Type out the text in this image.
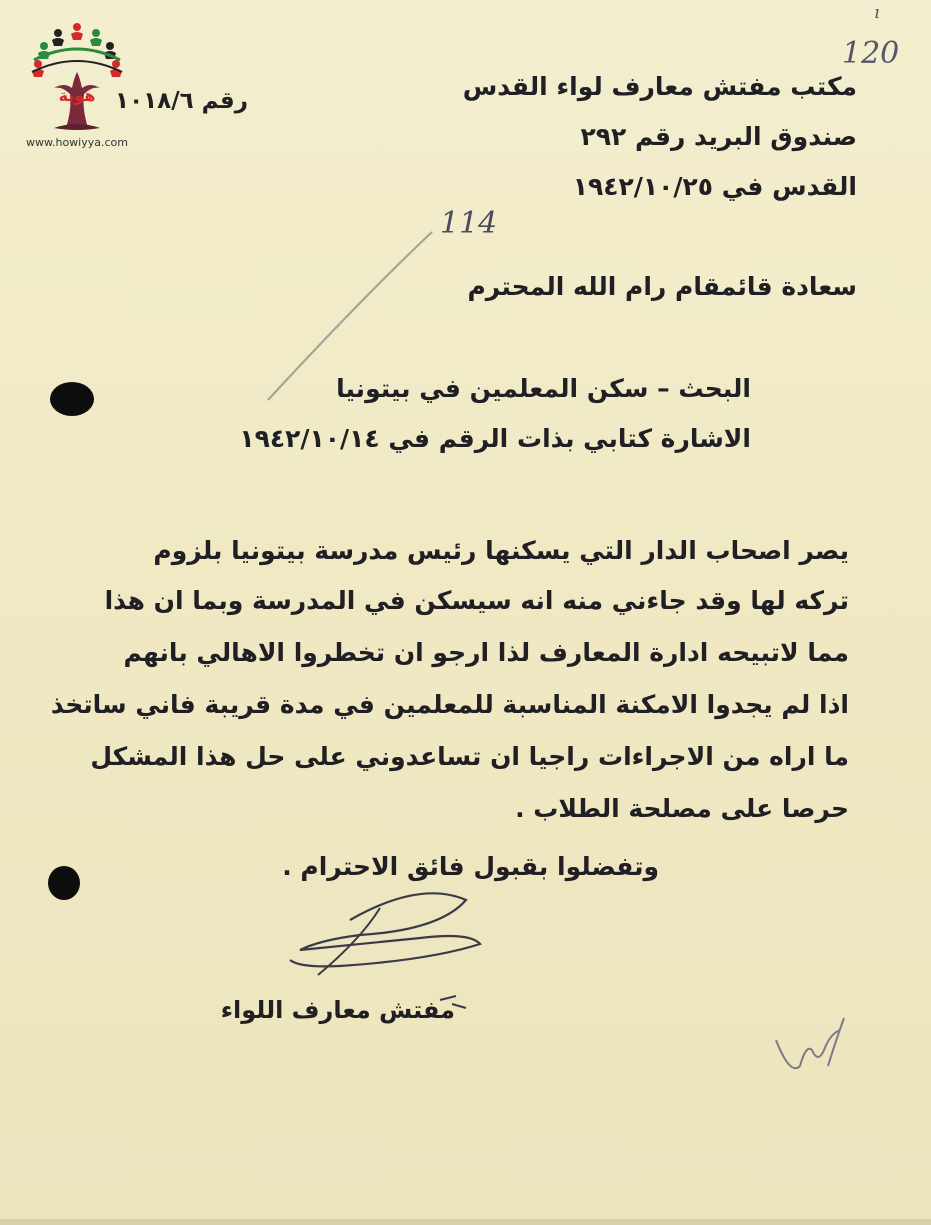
هوية
www.howiyya.com
120
ı
مكتب مفتش معارف لواء القدس
صندوق البريد رقم ٢٩٢
القدس في ١٩٤٢/١٠/٢٥
رقم ١٠١٨/٦
114
سعادة قائمقام رام الله المحترم
البحث – سكن المعلمين في بيتونيا
الاشارة كتابي بذات الرقم في ١٩٤٢/١٠/١٤
يصر اصحاب الدار التي يسكنها رئيس مدرسة بيتونيا بلزوم
تركه لها وقد جاءني منه انه سيسكن في المدرسة وبما ان هذا
مما لاتبيحه ادارة المعارف لذا ارجو ان تخطروا الاهالي بانهم
اذا لم يجدوا الامكنة المناسبة للمعلمين في مدة قريبة فاني ساتخذ
ما اراه من الاجراءات راجيا ان تساعدوني على حل هذا المشكل
حرصا على مصلحة الطلاب .
وتفضلوا بقبول فائق الاحترام .
مفتش معارف اللواء
